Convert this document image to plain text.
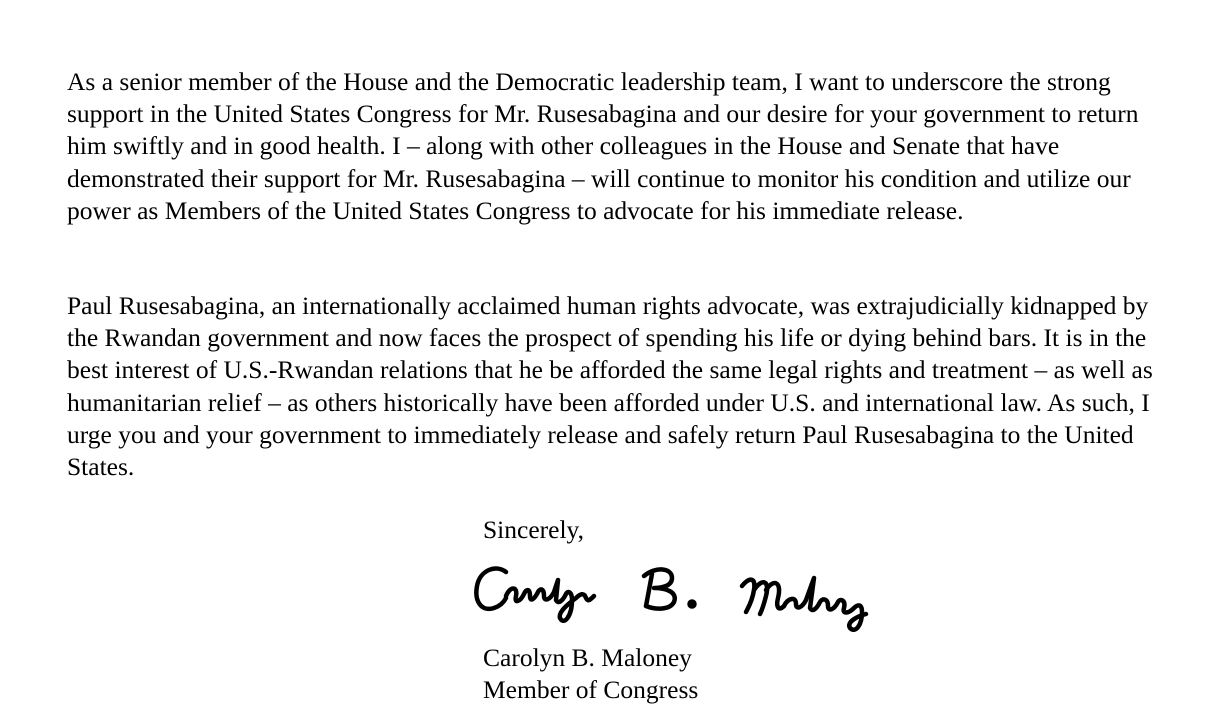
As a senior member of the House and the Democratic leadership team, I want to underscore the strong support in the United States Congress for Mr. Rusesabagina and our desire for your government to return him swiftly and in good health. I – along with other colleagues in the House and Senate that have demonstrated their support for Mr. Rusesabagina – will continue to monitor his condition and utilize our power as Members of the United States Congress to advocate for his immediate release.

Paul Rusesabagina, an internationally acclaimed human rights advocate, was extrajudicially kidnapped by the Rwandan government and now faces the prospect of spending his life or dying behind bars. It is in the best interest of U.S.-Rwandan relations that he be afforded the same legal rights and treatment – as well as humanitarian relief – as others historically have been afforded under U.S. and international law. As such, I urge you and your government to immediately release and safely return Paul Rusesabagina to the United States.

Sincerely,

Carolyn B. Maloney

Member of Congress
